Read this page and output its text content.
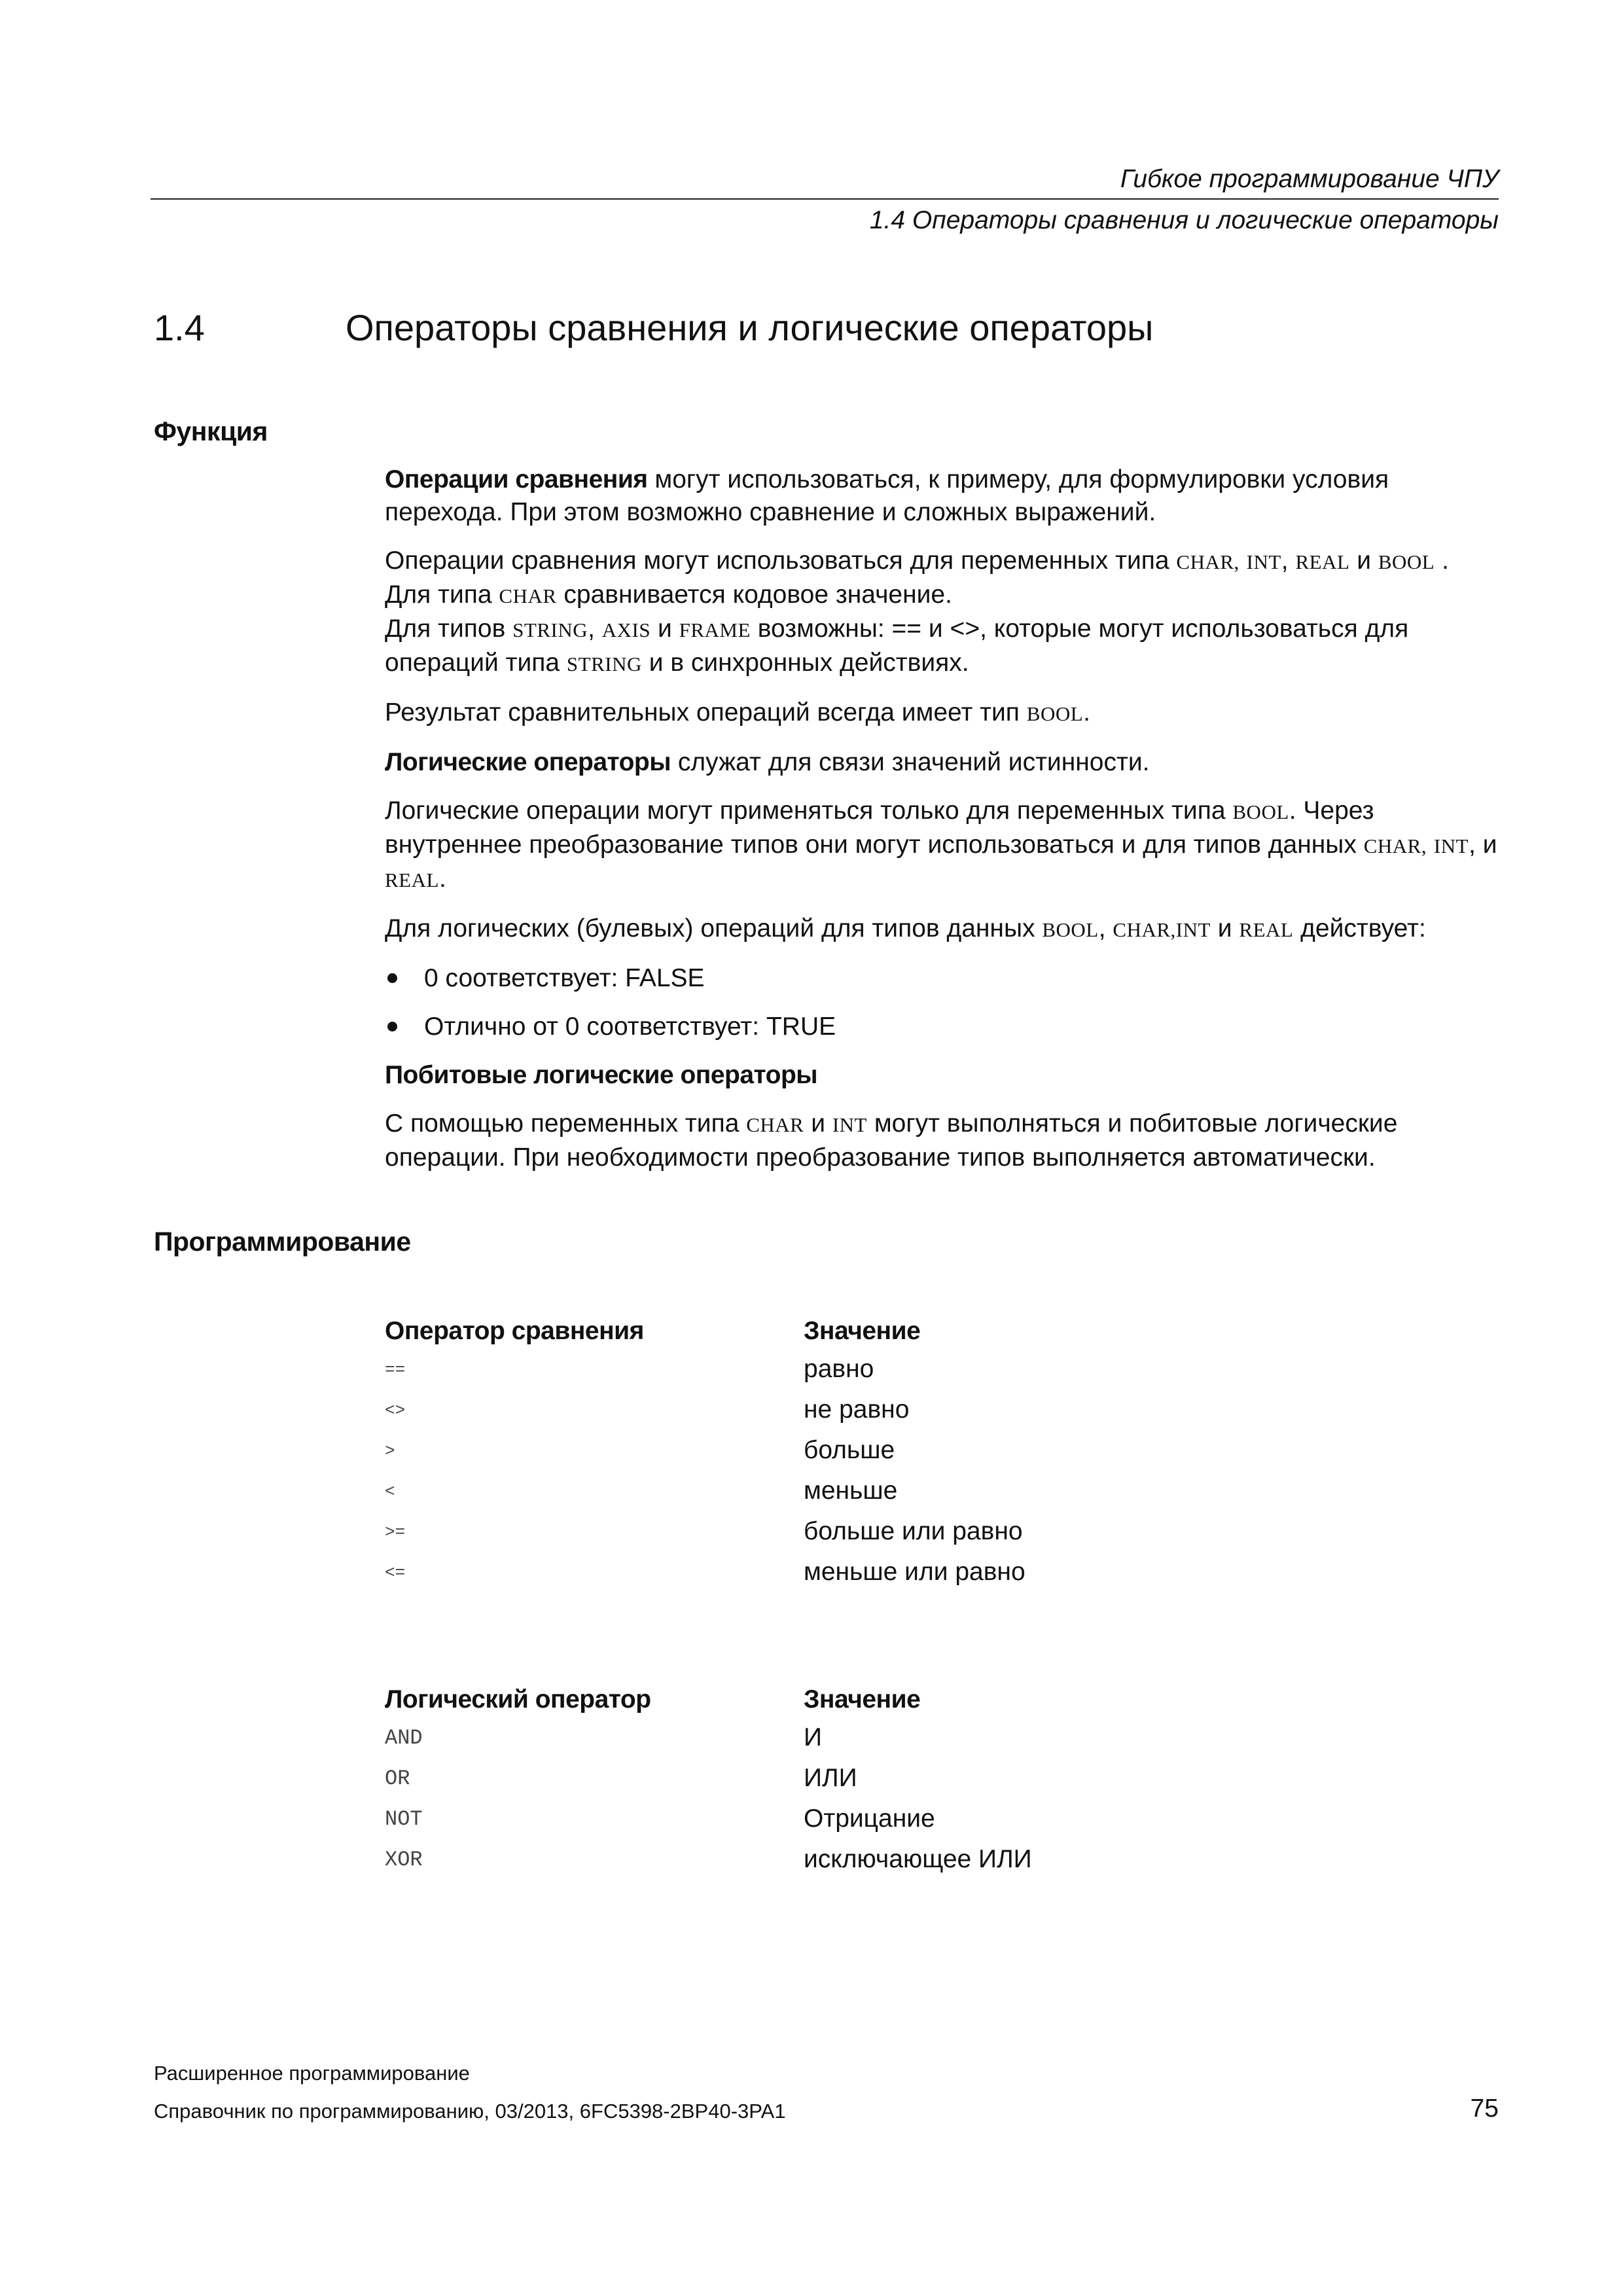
Гибкое программирование ЧПУ
1.4 Операторы сравнения и логические операторы
1.4	Операторы сравнения и логические операторы
Функция

Операции сравнения могут использоваться, к примеру, для формулировки условия перехода. При этом возможно сравнение и сложных выражений.

Операции сравнения могут использоваться для переменных типа CHAR, INT, REAL и BOOL . Для типа CHAR сравнивается кодовое значение.
Для типов STRING, AXIS и FRAME возможны: == и <>, которые могут использоваться для операций типа STRING и в синхронных действиях.

Результат сравнительных операций всегда имеет тип BOOL.

Логические операторы служат для связи значений истинности.

Логические операции могут применяться только для переменных типа BOOL. Через внутреннее преобразование типов они могут использоваться и для типов данных CHAR, INT, и REAL.

Для логических (булевых) операций для типов данных BOOL, CHAR,INT и REAL действует:

0 соответствует: FALSE
Отлично от 0 соответствует: TRUE
Побитовые логические операторы

С помощью переменных типа CHAR и INT могут выполняться и побитовые логические операции. При необходимости преобразование типов выполняется автоматически.

Программирование
Оператор сравнения	Значение
==	равно
<>	не равно
>	больше
<	меньше
>=	больше или равно
<=	меньше или равно
Логический оператор	Значение
AND	И
OR	ИЛИ
NOT	Отрицание
XOR	исключающее ИЛИ
Расширенное программирование
Справочник по программированию, 03/2013, 6FC5398-2BP40-3PA1	75
